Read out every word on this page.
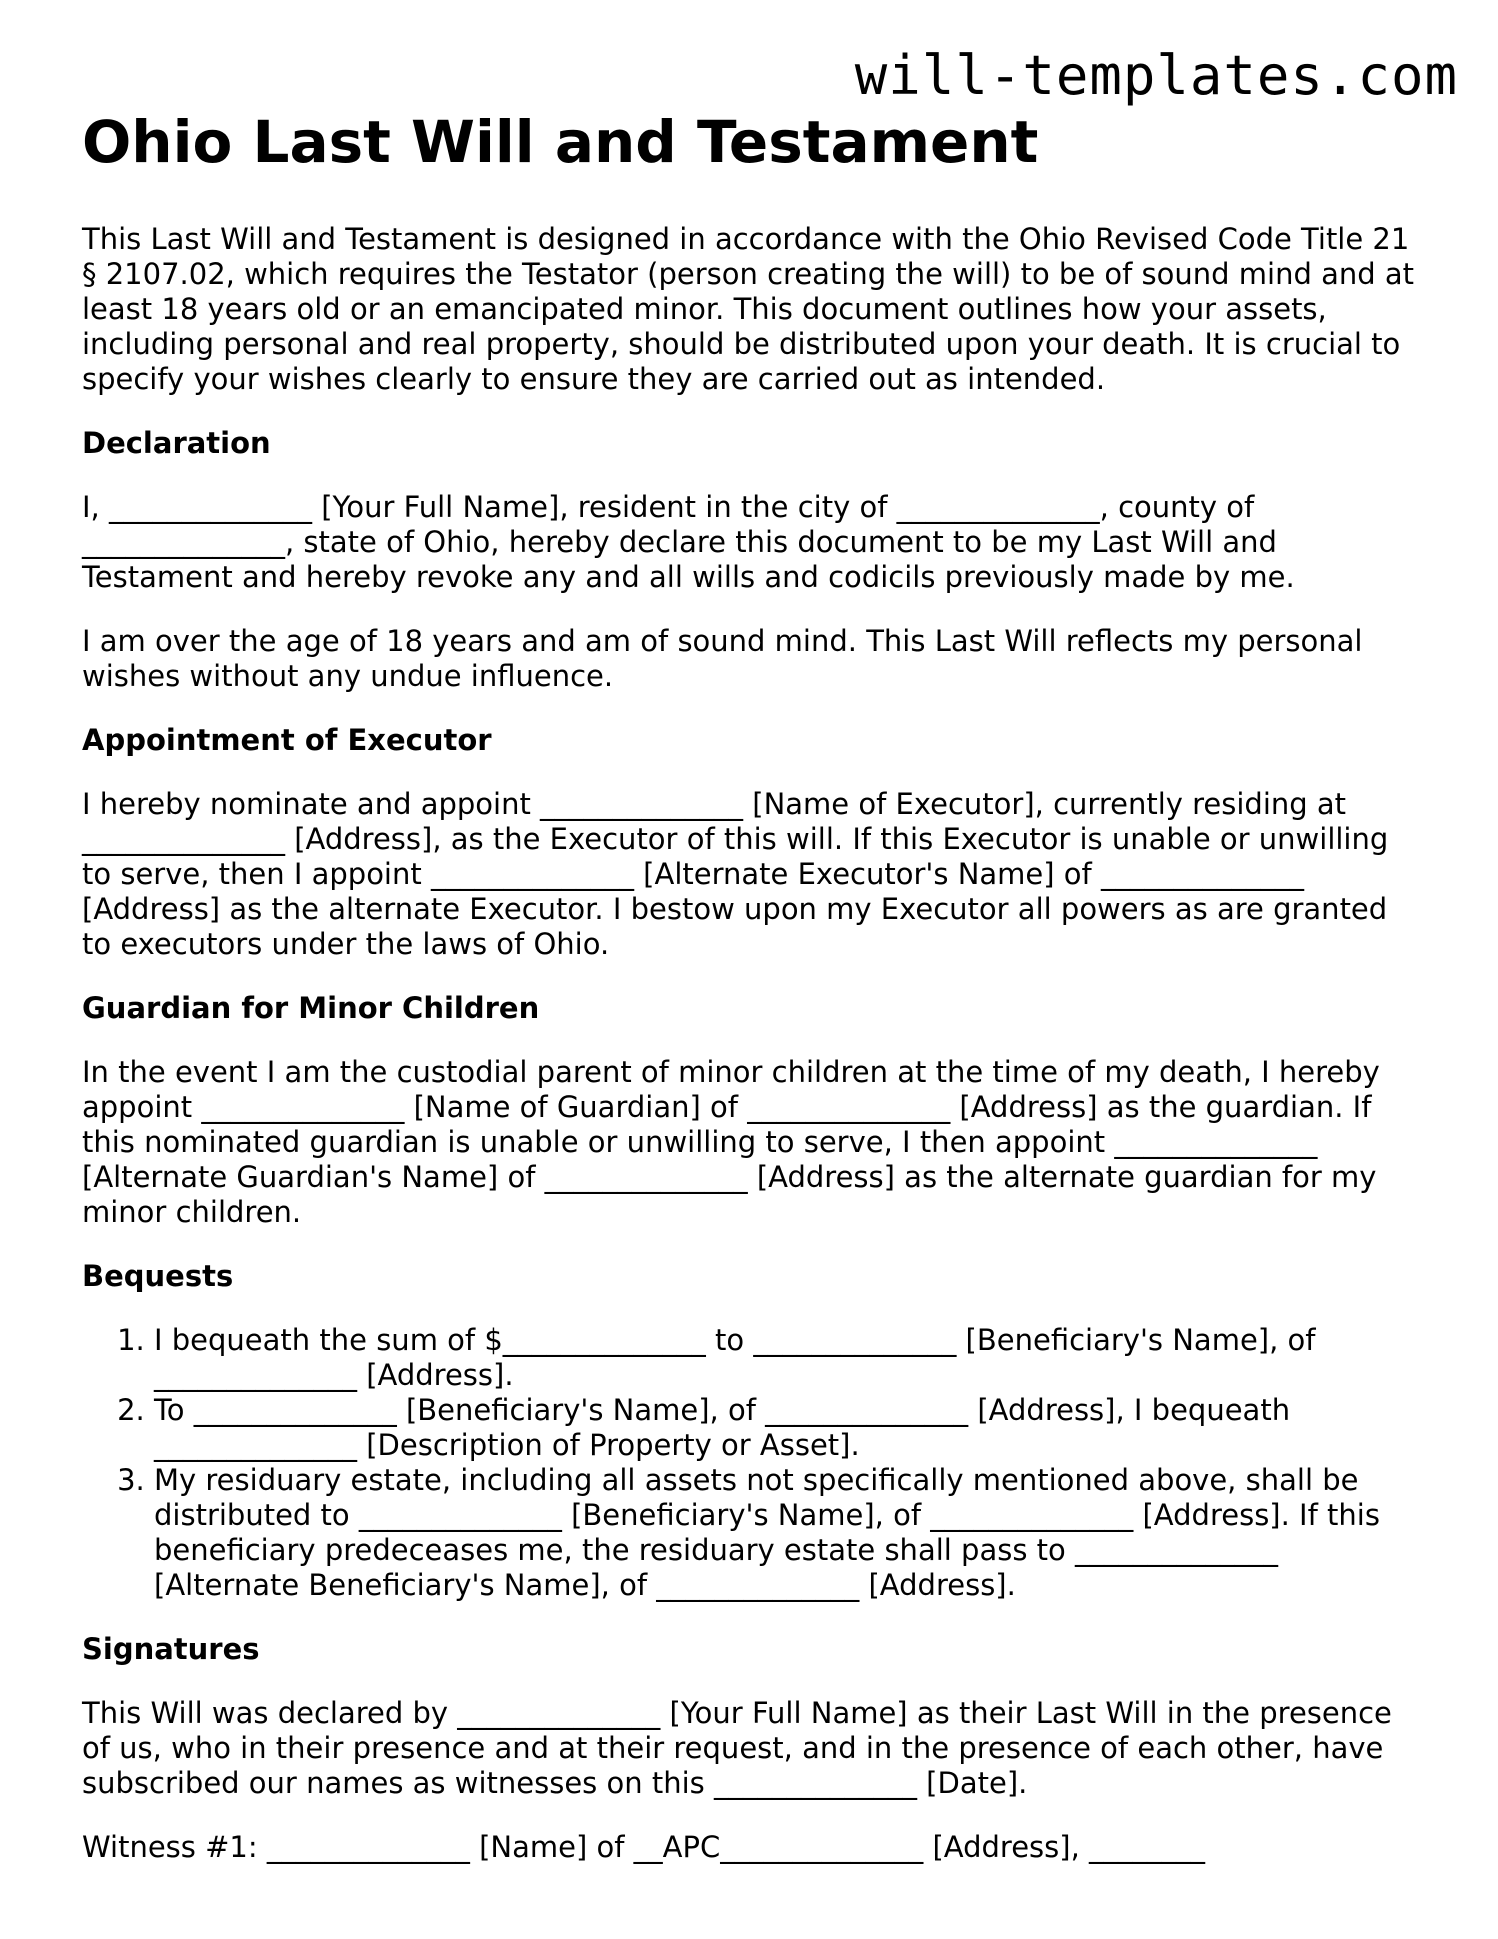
will-templates.com
Ohio Last Will and Testament

This Last Will and Testament is designed in accordance with the Ohio Revised Code Title 21 § 2107.02, which requires the Testator (person creating the will) to be of sound mind and at least 18 years old or an emancipated minor. This document outlines how your assets, including personal and real property, should be distributed upon your death. It is crucial to specify your wishes clearly to ensure they are carried out as intended.

Declaration

I, ______________ [Your Full Name], resident in the city of ______________, county of ______________, state of Ohio, hereby declare this document to be my Last Will and Testament and hereby revoke any and all wills and codicils previously made by me.

I am over the age of 18 years and am of sound mind. This Last Will reflects my personal wishes without any undue influence.

Appointment of Executor

I hereby nominate and appoint ______________ [Name of Executor], currently residing at ______________ [Address], as the Executor of this will. If this Executor is unable or unwilling to serve, then I appoint ______________ [Alternate Executor's Name] of ______________ [Address] as the alternate Executor. I bestow upon my Executor all powers as are granted to executors under the laws of Ohio.

Guardian for Minor Children

In the event I am the custodial parent of minor children at the time of my death, I hereby appoint ______________ [Name of Guardian] of ______________ [Address] as the guardian. If this nominated guardian is unable or unwilling to serve, I then appoint ______________ [Alternate Guardian's Name] of ______________ [Address] as the alternate guardian for my minor children.

Bequests
1. I bequeath the sum of $______________ to ______________ [Beneficiary's Name], of ______________ [Address].
2. To ______________ [Beneficiary's Name], of ______________ [Address], I bequeath ______________ [Description of Property or Asset].
3. My residuary estate, including all assets not specifically mentioned above, shall be distributed to ______________ [Beneficiary's Name], of ______________ [Address]. If this beneficiary predeceases me, the residuary estate shall pass to ______________ [Alternate Beneficiary's Name], of ______________ [Address].
Signatures

This Will was declared by ______________ [Your Full Name] as their Last Will in the presence of us, who in their presence and at their request, and in the presence of each other, have subscribed our names as witnesses on this ______________ [Date].

Witness #1: ______________ [Name] of __APC______________ [Address], ________
